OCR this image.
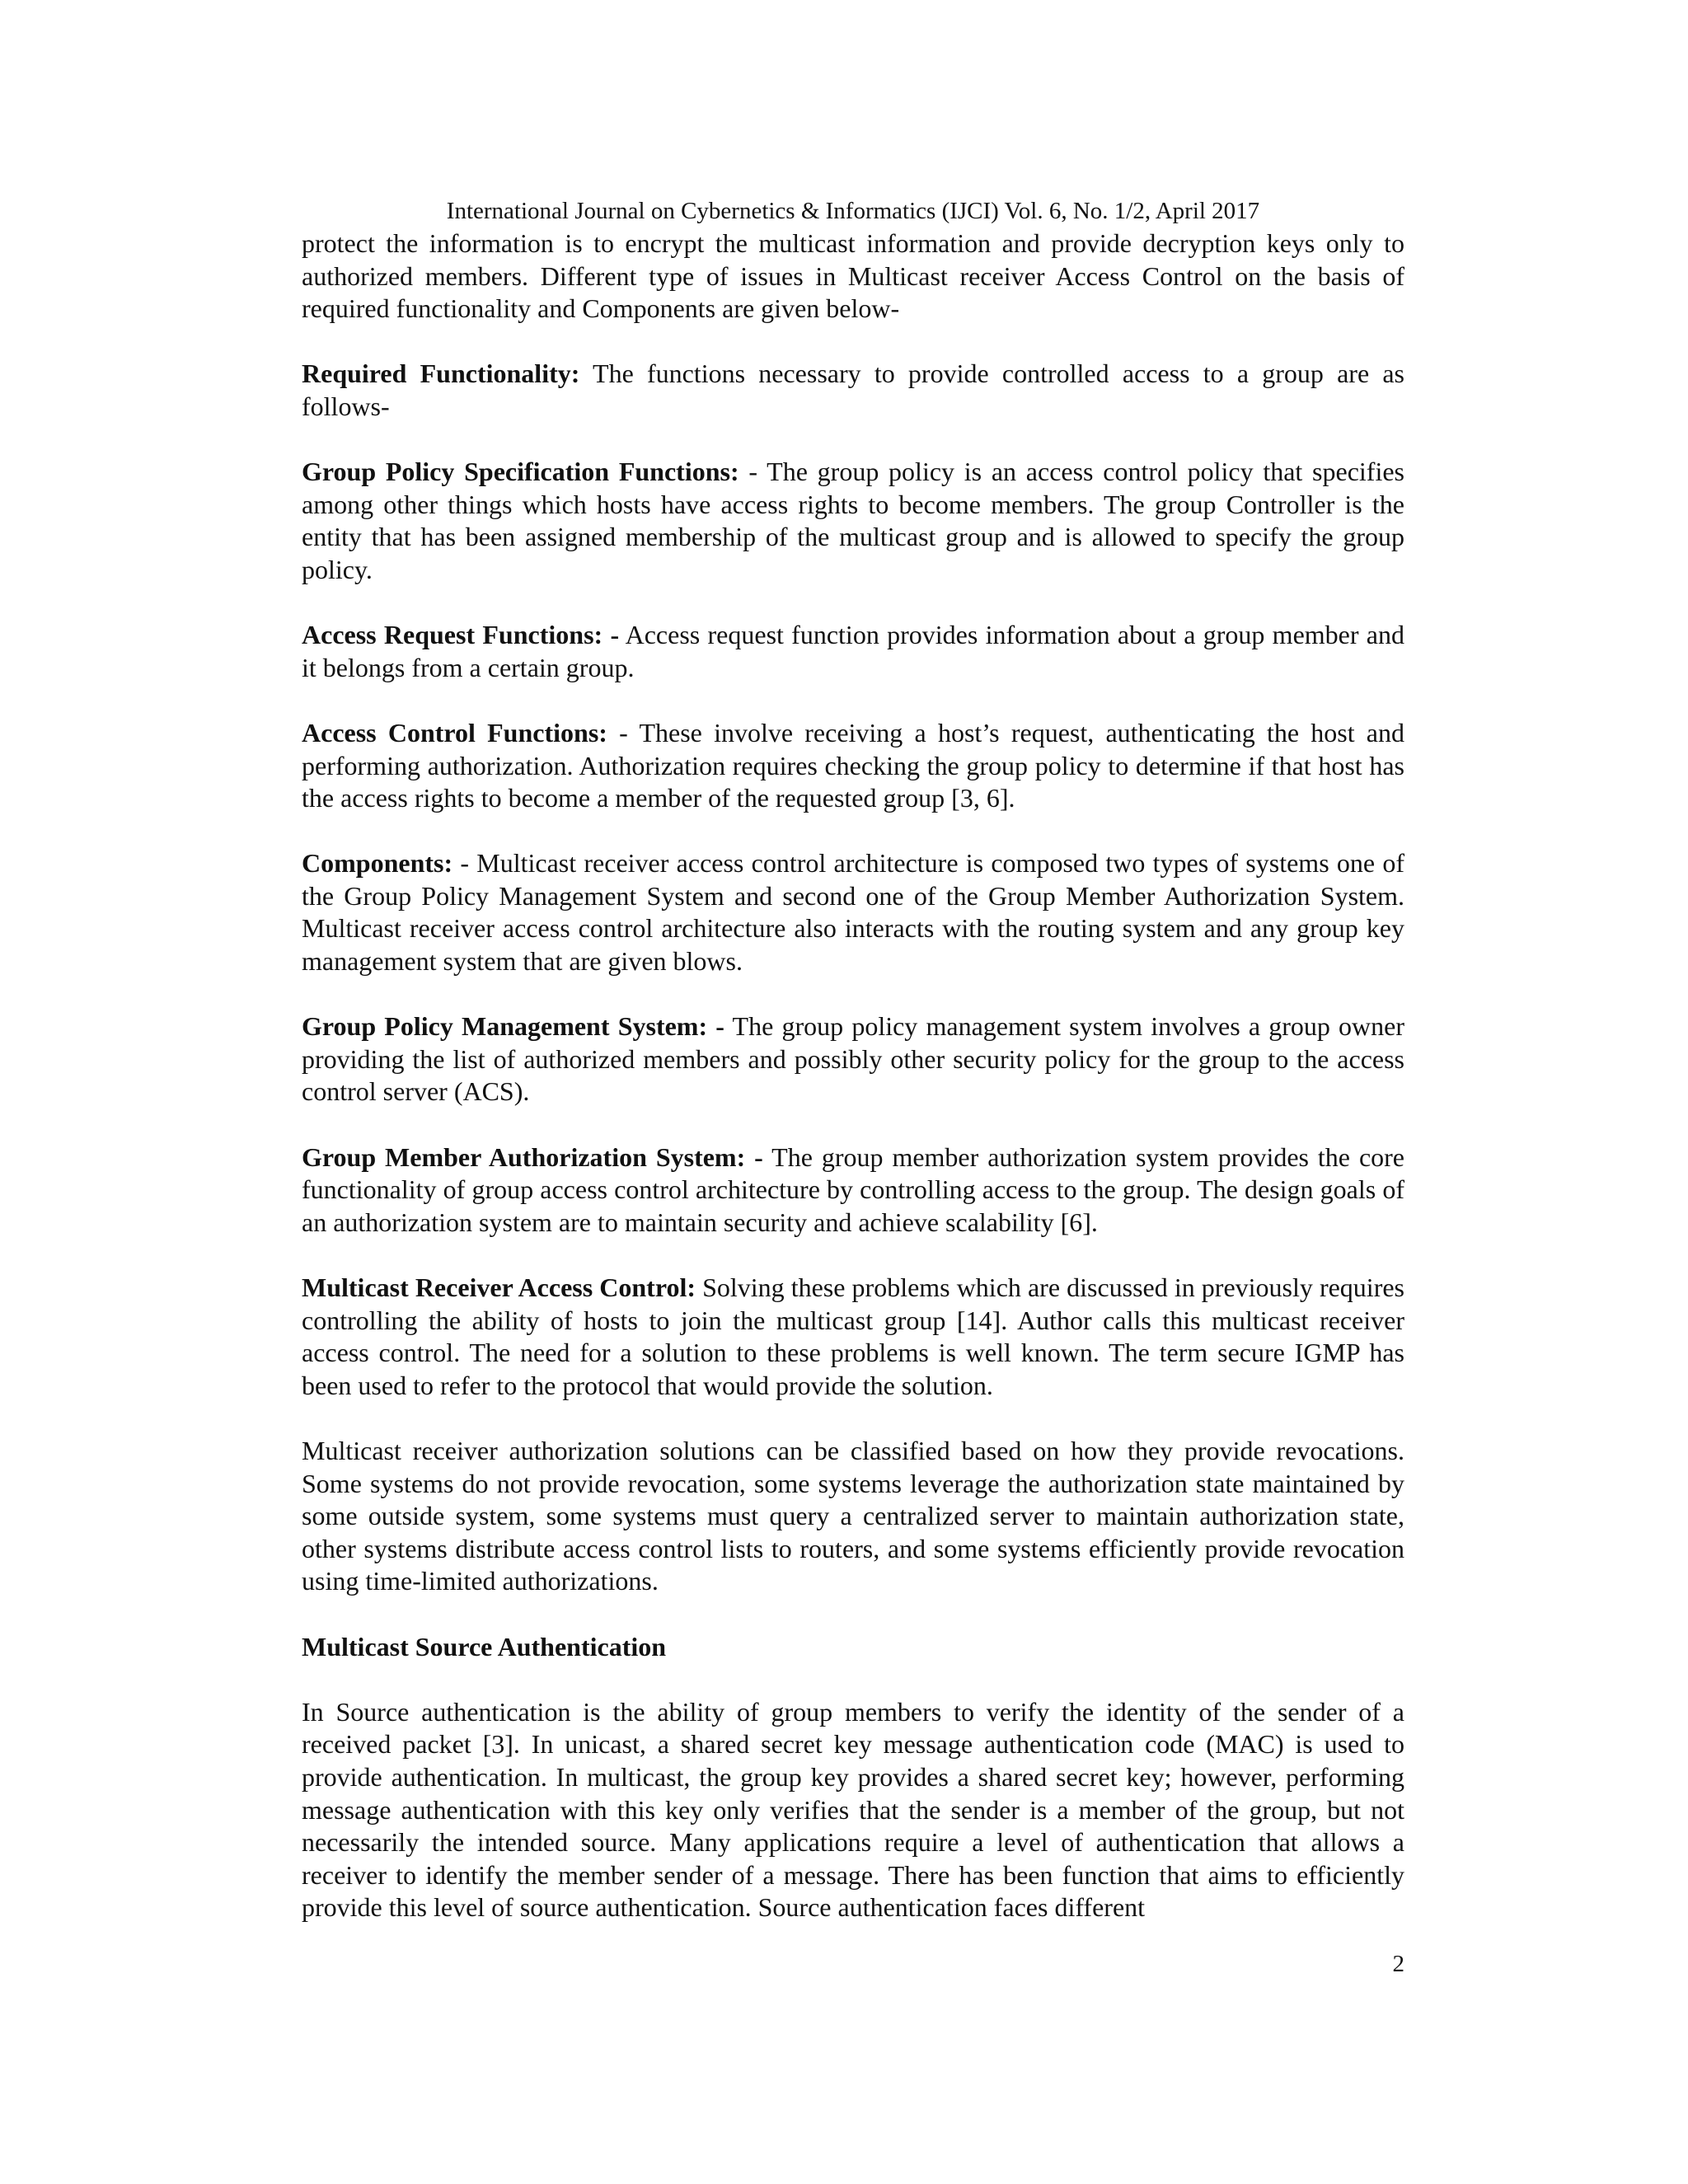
International Journal on Cybernetics & Informatics (IJCI) Vol. 6, No. 1/2, April 2017

protect the information is to encrypt the multicast information and provide decryption keys only to authorized members. Different type of issues in Multicast receiver Access Control on the basis of required functionality and Components are given below-

Required Functionality: The functions necessary to provide controlled access to a group are as follows-

Group Policy Specification Functions: - The group policy is an access control policy that specifies among other things which hosts have access rights to become members. The group Controller is the entity that has been assigned membership of the multicast group and is allowed to specify the group policy.

Access Request Functions: - Access request function provides information about a group member and it belongs from a certain group.

Access Control Functions: - These involve receiving a host’s request, authenticating the host and performing authorization. Authorization requires checking the group policy to determine if that host has the access rights to become a member of the requested group [3, 6].

Components: - Multicast receiver access control architecture is composed two types of systems one of the Group Policy Management System and second one of the Group Member Authorization System. Multicast receiver access control architecture also interacts with the routing system and any group key management system that are given blows.

Group Policy Management System: - The group policy management system involves a group owner providing the list of authorized members and possibly other security policy for the group to the access control server (ACS).

Group Member Authorization System: - The group member authorization system provides the core functionality of group access control architecture by controlling access to the group. The design goals of an authorization system are to maintain security and achieve scalability [6].

Multicast Receiver Access Control: Solving these problems which are discussed in previously requires controlling the ability of hosts to join the multicast group [14]. Author calls this multicast receiver access control. The need for a solution to these problems is well known. The term secure IGMP has been used to refer to the protocol that would provide the solution.

Multicast receiver authorization solutions can be classified based on how they provide revocations. Some systems do not provide revocation, some systems leverage the authorization state maintained by some outside system, some systems must query a centralized server to maintain authorization state, other systems distribute access control lists to routers, and some systems efficiently provide revocation using time-limited authorizations.

Multicast Source Authentication

In Source authentication is the ability of group members to verify the identity of the sender of a received packet [3]. In unicast, a shared secret key message authentication code (MAC) is used to provide authentication. In multicast, the group key provides a shared secret key; however, performing message authentication with this key only verifies that the sender is a member of the group, but not necessarily the intended source. Many applications require a level of authentication that allows a receiver to identify the member sender of a message. There has been function that aims to efficiently provide this level of source authentication. Source authentication faces different

2
